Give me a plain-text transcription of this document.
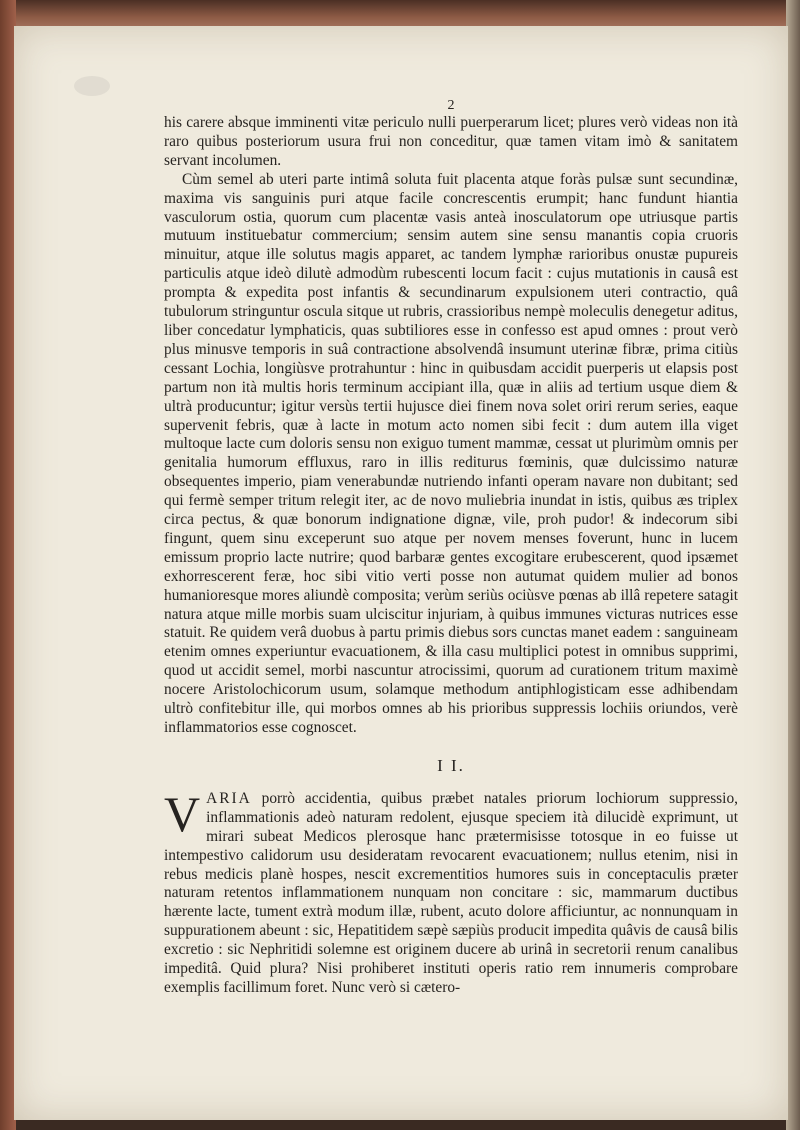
2

his carere absque imminenti vitæ periculo nulli puerperarum licet; plures verò videas non ità raro quibus posteriorum usura frui non conceditur, quæ tamen vitam imò & sanitatem servant incolumen.

Cùm semel ab uteri parte intimâ soluta fuit placenta atque foràs pulsæ sunt secundinæ, maxima vis sanguinis puri atque facile concrescentis erumpit; hanc fundunt hiantia vasculorum ostia, quorum cum placentæ vasis anteà inosculatorum ope utriusque partis mutuum instituebatur commercium; sensim autem sine sensu manantis copia cruoris minuitur, atque ille solutus magis apparet, ac tandem lymphæ rarioribus onustæ pupureis particulis atque ideò dilutè admodùm rubescenti locum facit : cujus mutationis in causâ est prompta & expedita post infantis & secundinarum expulsionem uteri contractio, quâ tubulorum stringuntur oscula sitque ut rubris, crassioribus nempè moleculis denegetur aditus, liber concedatur lymphaticis, quas subtiliores esse in confesso est apud omnes : prout verò plus minusve temporis in suâ contractione absolvendâ insumunt uterinæ fibræ, prima citiùs cessant Lochia, longiùsve protrahuntur : hinc in quibusdam accidit puerperis ut elapsis post partum non ità multis horis terminum accipiant illa, quæ in aliis ad tertium usque diem & ultrà producuntur; igitur versùs tertii hujusce diei finem nova solet oriri rerum series, eaque supervenit febris, quæ à lacte in motum acto nomen sibi fecit : dum autem illa viget multoque lacte cum doloris sensu non exiguo tument mammæ, cessat ut plurimùm omnis per genitalia humorum effluxus, raro in illis rediturus fœminis, quæ dulcissimo naturæ obsequentes imperio, piam venerabundæ nutriendo infanti operam navare non dubitant; sed qui fermè semper tritum relegit iter, ac de novo muliebria inundat in istis, quibus æs triplex circa pectus, & quæ bonorum indignatione dignæ, vile, proh pudor! & indecorum sibi fingunt, quem sinu exceperunt suo atque per novem menses foverunt, hunc in lucem emissum proprio lacte nutrire; quod barbaræ gentes excogitare erubescerent, quod ipsæmet exhorrescerent feræ, hoc sibi vitio verti posse non autumat quidem mulier ad bonos humanioresque mores aliundè composita; verùm seriùs ociùsve pœnas ab illâ repetere satagit natura atque mille morbis suam ulciscitur injuriam, à quibus immunes victuras nutrices esse statuit. Re quidem verâ duobus à partu primis diebus sors cunctas manet eadem : sanguineam etenim omnes experiuntur evacuationem, & illa casu multiplici potest in omnibus supprimi, quod ut accidit semel, morbi nascuntur atrocissimi, quorum ad curationem tritum maximè nocere Aristolochicorum usum, solamque methodum antiphlogisticam esse adhibendam ultrò confitebitur ille, qui morbos omnes ab his prioribus suppressis lochiis oriundos, verè inflammatorios esse cognoscet.

I I.

VARIA porrò accidentia, quibus præbet natales priorum lochiorum suppressio, inflammationis adeò naturam redolent, ejusque speciem ità dilucidè exprimunt, ut mirari subeat Medicos plerosque hanc prætermisisse totosque in eo fuisse ut intempestivo calidorum usu desideratam revocarent evacuationem; nullus etenim, nisi in rebus medicis planè hospes, nescit excrementitios humores suis in conceptaculis præter naturam retentos inflammationem nunquam non concitare : sic, mammarum ductibus hærente lacte, tument extrà modum illæ, rubent, acuto dolore afficiuntur, ac nonnunquam in suppurationem abeunt : sic, Hepatitidem sæpè sæpiùs producit impedita quâvis de causâ bilis excretio : sic Nephritidi solemne est originem ducere ab urinâ in secretorii renum canalibus impeditâ. Quid plura? Nisi prohiberet instituti operis ratio rem innumeris comprobare exemplis facillimum foret. Nunc verò si cætero-
